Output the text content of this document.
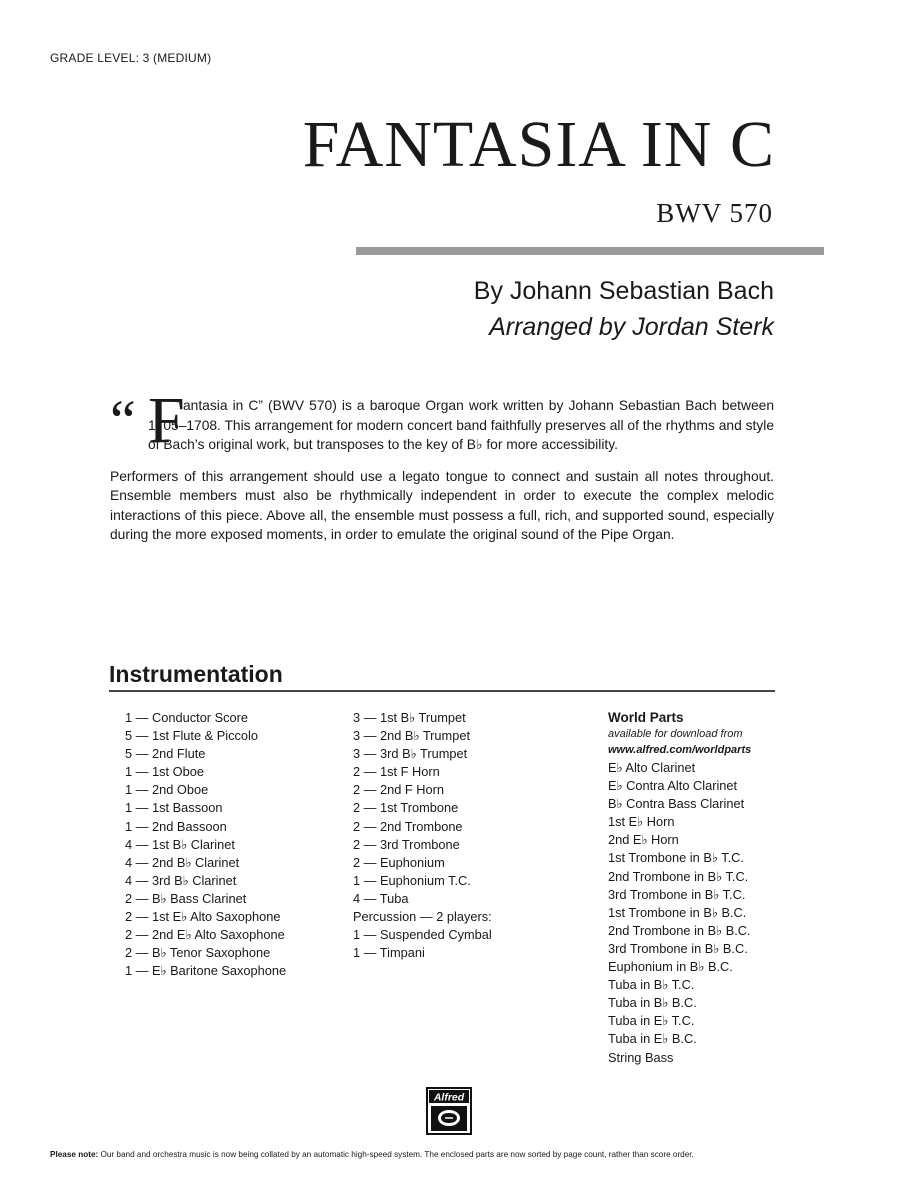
GRADE LEVEL: 3 (MEDIUM)
FANTASIA IN C
BWV 570
By Johann Sebastian Bach
Arranged by Jordan Sterk
“ F

antasia in C” (BWV 570) is a baroque Organ work written by Johann Sebastian Bach between 1705–1708. This arrangement for modern concert band faithfully preserves all of the rhythms and style of Bach’s original work, but transposes to the key of B♭ for more accessibility.

Performers of this arrangement should use a legato tongue to connect and sustain all notes throughout. Ensemble members must also be rhythmically independent in order to execute the complex melodic interactions of this piece. Above all, the ensemble must possess a full, rich, and supported sound, especially during the more exposed moments, in order to emulate the original sound of the Pipe Organ.

Instrumentation
1 — Conductor Score
5 — 1st Flute & Piccolo
5 — 2nd Flute
1 — 1st Oboe
1 — 2nd Oboe
1 — 1st Bassoon
1 — 2nd Bassoon
4 — 1st B♭ Clarinet
4 — 2nd B♭ Clarinet
4 — 3rd B♭ Clarinet
2 — B♭ Bass Clarinet
2 — 1st E♭ Alto Saxophone
2 — 2nd E♭ Alto Saxophone
2 — B♭ Tenor Saxophone
1 — E♭ Baritone Saxophone
3 — 1st B♭ Trumpet
3 — 2nd B♭ Trumpet
3 — 3rd B♭ Trumpet
2 — 1st F Horn
2 — 2nd F Horn
2 — 1st Trombone
2 — 2nd Trombone
2 — 3rd Trombone
2 — Euphonium
1 — Euphonium T.C.
4 — Tuba
Percussion — 2 players:
1 — Suspended Cymbal
1 — Timpani
World Parts
available for download from
www.alfred.com/worldparts
E♭ Alto Clarinet
E♭ Contra Alto Clarinet
B♭ Contra Bass Clarinet
1st E♭ Horn
2nd E♭ Horn
1st Trombone in B♭ T.C.
2nd Trombone in B♭ T.C.
3rd Trombone in B♭ T.C.
1st Trombone in B♭ B.C.
2nd Trombone in B♭ B.C.
3rd Trombone in B♭ B.C.
Euphonium in B♭ B.C.
Tuba in B♭ T.C.
Tuba in B♭ B.C.
Tuba in E♭ T.C.
Tuba in E♭ B.C.
String Bass
Alfred
Please note: Our band and orchestra music is now being collated by an automatic high-speed system. The enclosed parts are now sorted by page count, rather than score order.
